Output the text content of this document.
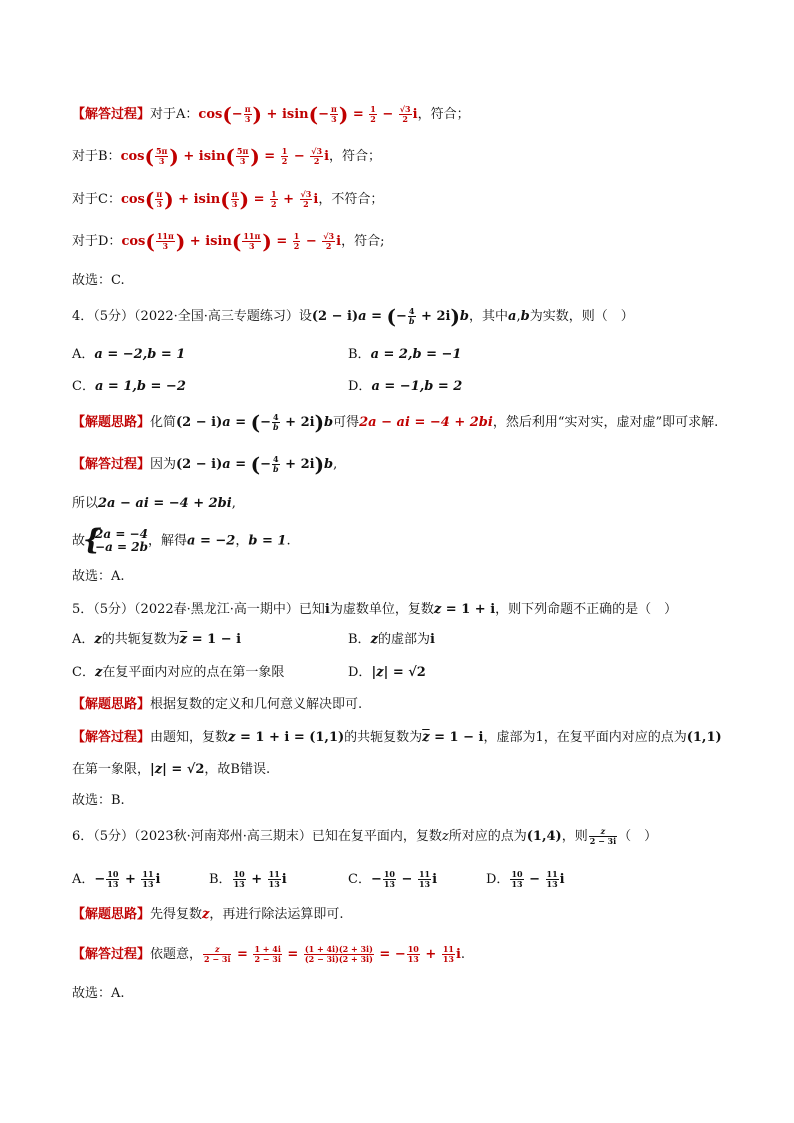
【解答过程】对于A：$\cos(- \frac{\pi}{3}$ ) + $isin(- \frac{\pi}{3}$ ) = $\frac{1}{2} - \frac{√3}{2}$ i，符合；
对于B：$\cos( \frac{5\pi}{3}$ ) + $isin( \frac{5\pi}{3}$ ) = $\frac{1}{2} - \frac{√3}{2}$ i，符合；
对于C：$\cos( \frac{\pi}{3}$ ) + $isin( \frac{\pi}{3}$ ) = $\frac{1}{2} + \frac{√3}{2}$ i，不符合；
对于D：$\cos( \frac{11\pi}{3}$ ) + $isin( \frac{11\pi}{3}$ ) = $\frac{1}{2} - \frac{√3}{2}$ i，符合;
故选：C.
4．（5分）（2022·全国·高三专题练习）设(2 − i)a = (− $\frac{4}{b} + 2i)b$，其中a,b为实数，则（　）
A．a = −2,b = 1	B．a = 2,b = −1
C．a = 1,b = −2	D．a = −1,b = 2
【解题思路】化简(2 − i)a = (− $\frac{4}{b} + 2i)b$可得2a − ai = −4 + 2bi，然后利用“实对实，虚对虚”即可求解.
【解答过程】因为(2 − i)a = (− $\frac{4}{b} + 2i)b$,
所以2a − ai = −4 + 2bi,
故 { 2a = −4
−a = 2b ，解得a = −2，b = 1.
故选：A.
5．（5分）（2022春·黑龙江·高一期中）已知i为虚数单位，复数z = 1 + i，则下列命题不正确的是（　）
A．z的共轭复数为$\overline{z} = 1 - i$	B．z的虚部为i
C．z在复平面内对应的点在第一象限	D．|z| = √2
【解题思路】根据复数的定义和几何意义解决即可.
【解答过程】由题知，复数z = 1 + i = (1,1)的共轭复数为$\overline{z} = 1 - i$，虚部为1，在复平面内对应的点为(1,1)
在第一象限，|z| = √2，故B错误.
故选：B.
6．（5分）（2023秋·河南郑州·高三期末）已知在复平面内，复数z所对应的点为(1,4)，则 $\frac{z}{2 - 3i}$ （　）
A．− $\frac{10}{13} + \frac{11}{13}$ i	B． $\frac{10}{13} + \frac{11}{13}$ i	C．− $\frac{10}{13} - \frac{11}{13}$ i	D． $\frac{10}{13} - \frac{11}{13}$ i
【解题思路】先得复数z，再进行除法运算即可.
【解答过程】依题意， $\frac{z}{2 - 3i} = \frac{1 + 4i}{2 - 3i} = \frac{(1 + 4i)(2 + 3i)}{(2 - 3i)(2 + 3i)}$ = − $\frac{10}{13} + \frac{11}{13} i$.
故选：A.
